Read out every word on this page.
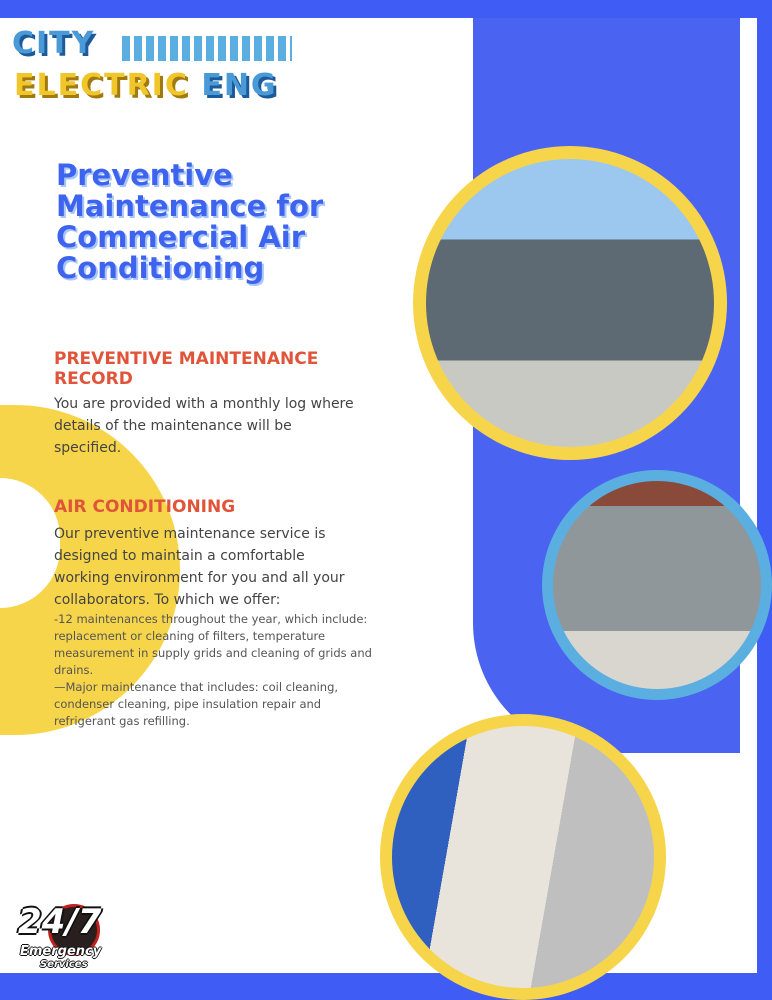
CITY
ELECTRIC ENG
Preventive Maintenance for Commercial Air Conditioning
PREVENTIVE MAINTENANCE RECORD
You are provided with a monthly log where details of the maintenance will be specified.
AIR CONDITIONING
Our preventive maintenance service is designed to maintain a comfortable working environment for you and all your collaborators. To which we offer:
-12 maintenances throughout the year, which include: replacement or cleaning of filters, temperature measurement in supply grids and cleaning of grids and drains.
—Major maintenance that includes: coil cleaning, condenser cleaning, pipe insulation repair and refrigerant gas refilling.
24/7
Emergency
Services
